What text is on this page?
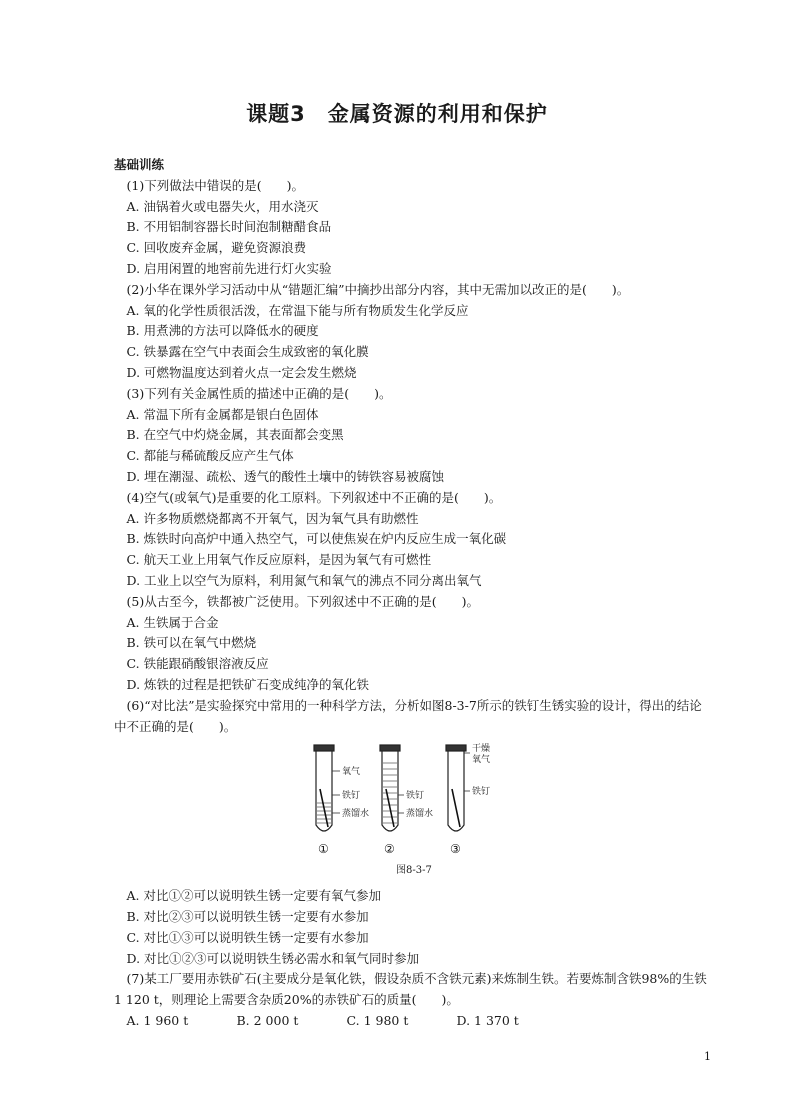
课题3　金属资源的利用和保护
基础训练
(1)下列做法中错误的是(　　)。
A. 油锅着火或电器失火，用水浇灭
B. 不用铝制容器长时间泡制糖醋食品
C. 回收废弃金属，避免资源浪费
D. 启用闲置的地窖前先进行灯火实验
(2)小华在课外学习活动中从“错题汇编”中摘抄出部分内容，其中无需加以改正的是(　　)。
A. 氧的化学性质很活泼，在常温下能与所有物质发生化学反应
B. 用煮沸的方法可以降低水的硬度
C. 铁暴露在空气中表面会生成致密的氧化膜
D. 可燃物温度达到着火点一定会发生燃烧
(3)下列有关金属性质的描述中正确的是(　　)。
A. 常温下所有金属都是银白色固体
B. 在空气中灼烧金属，其表面都会变黑
C. 都能与稀硫酸反应产生气体
D. 埋在潮湿、疏松、透气的酸性土壤中的铸铁容易被腐蚀
(4)空气(或氧气)是重要的化工原料。下列叙述中不正确的是(　　)。
A. 许多物质燃烧都离不开氧气，因为氧气具有助燃性
B. 炼铁时向高炉中通入热空气，可以使焦炭在炉内反应生成一氧化碳
C. 航天工业上用氧气作反应原料，是因为氧气有可燃性
D. 工业上以空气为原料，利用氮气和氧气的沸点不同分离出氧气
(5)从古至今，铁都被广泛使用。下列叙述中不正确的是(　　)。
A. 生铁属于合金
B. 铁可以在氧气中燃烧
C. 铁能跟硝酸银溶液反应
D. 炼铁的过程是把铁矿石变成纯净的氧化铁
(6)“对比法”是实验探究中常用的一种科学方法，分析如图8-3-7所示的铁钉生锈实验的设计，得出的结论中不正确的是(　　)。
氧气
铁钉
蒸馏水
铁钉
蒸馏水
干燥
氧气
铁钉
①	②	③
图8-3-7
A. 对比①②可以说明铁生锈一定要有氧气参加
B. 对比②③可以说明铁生锈一定要有水参加
C. 对比①③可以说明铁生锈一定要有水参加
D. 对比①②③可以说明铁生锈必需水和氧气同时参加
(7)某工厂要用赤铁矿石(主要成分是氧化铁，假设杂质不含铁元素)来炼制生铁。若要炼制含铁98%的生铁1 120 t，则理论上需要含杂质20%的赤铁矿石的质量(　　)。
A. 1 960 t	B. 2 000 t	C. 1 980 t	D. 1 370 t
1
